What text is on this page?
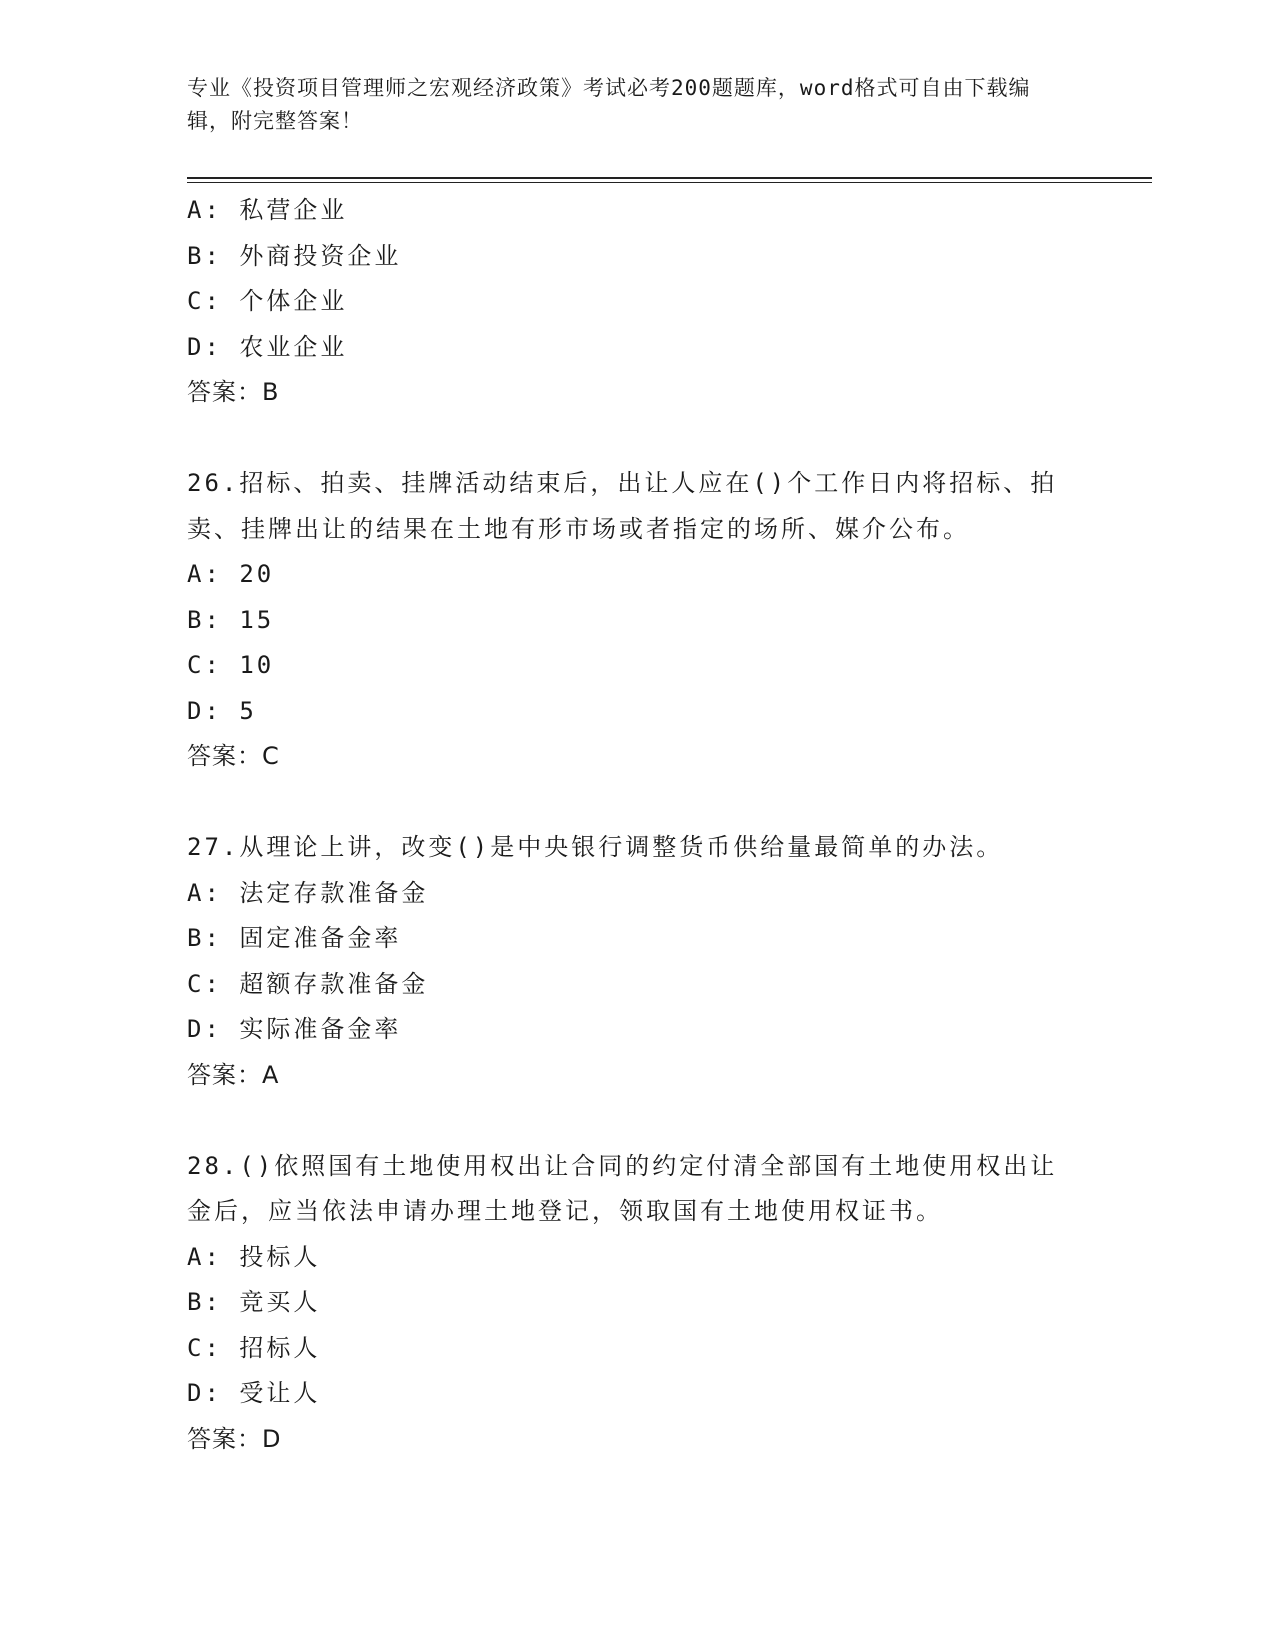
专业《投资项目管理师之宏观经济政策》考试必考200题题库，word格式可自由下载编辑，附完整答案！
A: 私营企业
B: 外商投资企业
C: 个体企业
D: 农业企业
答案：B
26.招标、拍卖、挂牌活动结束后，出让人应在()个工作日内将招标、拍卖、挂牌出让的结果在土地有形市场或者指定的场所、媒介公布。
A: 20
B: 15
C: 10
D: 5
答案：C
27.从理论上讲，改变()是中央银行调整货币供给量最简单的办法。
A: 法定存款准备金
B: 固定准备金率
C: 超额存款准备金
D: 实际准备金率
答案：A
28.()依照国有土地使用权出让合同的约定付清全部国有土地使用权出让金后，应当依法申请办理土地登记，领取国有土地使用权证书。
A: 投标人
B: 竞买人
C: 招标人
D: 受让人
答案：D
